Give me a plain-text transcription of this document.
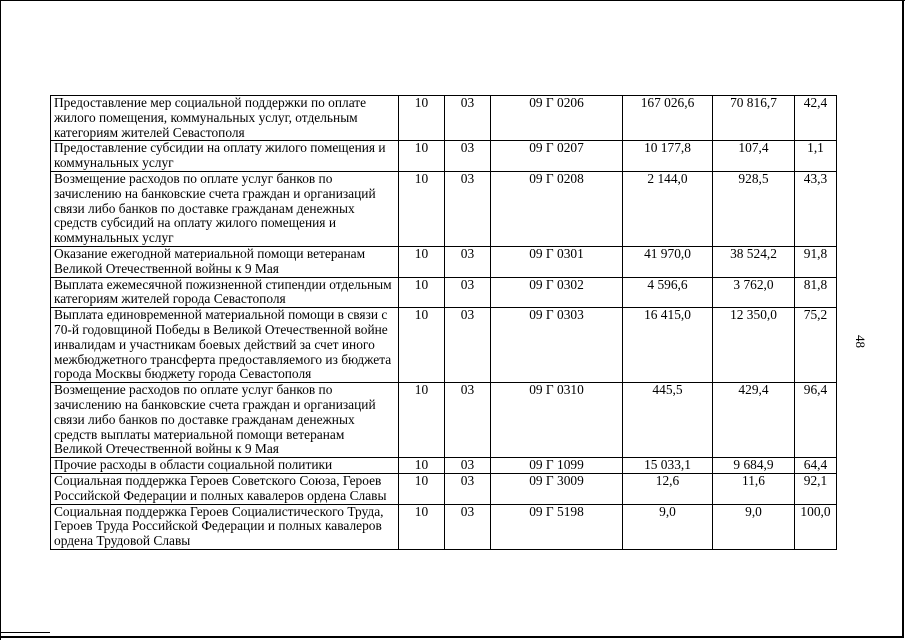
Предоставление мер социальной поддержки по оплате жилого помещения, коммунальных услуг, отдельным категориям жителей Севастополя	10	03	09 Г 0206	167 026,6	70 816,7	42,4
Предоставление субсидии на оплату жилого помещения и коммунальных услуг	10	03	09 Г 0207	10 177,8	107,4	1,1
Возмещение расходов по оплате услуг банков по зачислению на банковские счета граждан и организаций связи либо банков по доставке гражданам денежных средств субсидий на оплату жилого помещения и коммунальных услуг	10	03	09 Г 0208	2 144,0	928,5	43,3
Оказание ежегодной материальной помощи ветеранам Великой Отечественной войны к 9 Мая	10	03	09 Г 0301	41 970,0	38 524,2	91,8
Выплата ежемесячной пожизненной стипендии отдельным категориям жителей города Севастополя	10	03	09 Г 0302	4 596,6	3 762,0	81,8
Выплата единовременной материальной помощи в связи с 70-й годовщиной Победы в Великой Отечественной войне инвалидам и участникам боевых действий за счет иного межбюджетного трансферта предоставляемого из бюджета города Москвы бюджету города Севастополя	10	03	09 Г 0303	16 415,0	12 350,0	75,2
Возмещение расходов по оплате услуг банков по зачислению на банковские счета граждан и организаций связи либо банков по доставке гражданам денежных средств выплаты материальной помощи ветеранам Великой Отечественной войны к 9 Мая	10	03	09 Г 0310	445,5	429,4	96,4
Прочие расходы в области социальной политики	10	03	09 Г 1099	15 033,1	9 684,9	64,4
Социальная поддержка Героев Советского Союза, Героев Российской Федерации и полных кавалеров ордена Славы	10	03	09 Г 3009	12,6	11,6	92,1
Социальная поддержка Героев Социалистического Труда, Героев Труда Российской Федерации и полных кавалеров ордена Трудовой Славы	10	03	09 Г 5198	9,0	9,0	100,0
48
